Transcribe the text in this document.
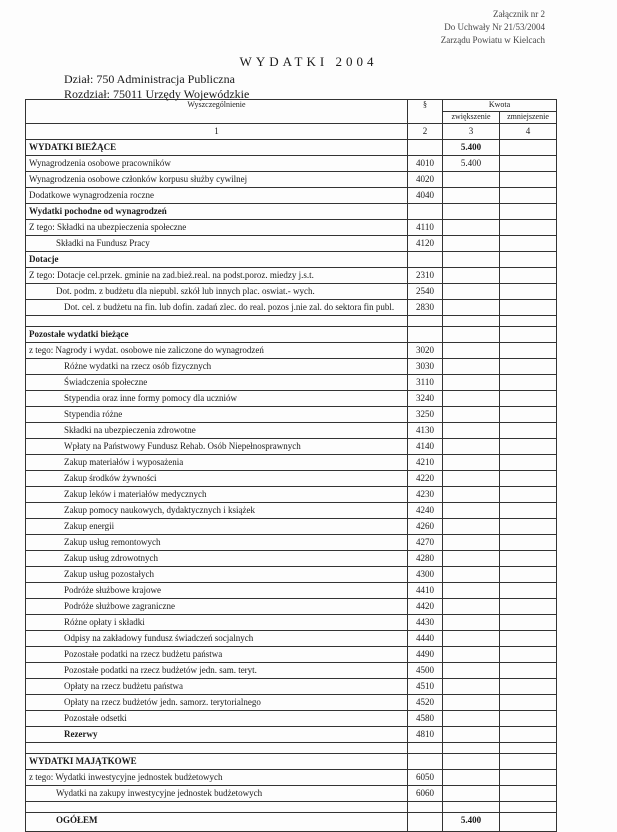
Załącznik nr 2
Do Uchwały Nr 21/53/2004
Zarządu Powiatu w Kielcach
WYDATKI 2004
Dział: 750 Administracja Publiczna
Rozdział: 75011 Urzędy Wojewódzkie
Wyszczególnienie	§	Kwota	
		zwiększenie	zmniejszenie
1	2	3	4
WYDATKI BIEŻĄCE		5.400	
Wynagrodzenia osobowe pracowników	4010	5.400	
Wynagrodzenia osobowe członków korpusu służby cywilnej	4020		
Dodatkowe wynagrodzenia roczne	4040		
Wydatki pochodne od wynagrodzeń			
Z tego: Składki na ubezpieczenia społeczne	4110		
Składki na Fundusz Pracy	4120		
Dotacje			
Z tego: Dotacje cel.przek. gminie na zad.bież.real. na podst.poroz. miedzy j.s.t.	2310		
Dot. podm. z budżetu dla niepubl. szkół lub innych plac. oswiat.- wych.	2540		
Dot. cel. z budżetu na fin. lub dofin. zadań zlec. do real. pozos j.nie zal. do sektora fin publ.	2830		

Pozostałe wydatki bieżące			
z tego: Nagrody i wydat. osobowe nie zaliczone do wynagrodzeń	3020		
Różne wydatki na rzecz osób fizycznych	3030		
Świadczenia społeczne	3110		
Stypendia oraz inne formy pomocy dla uczniów	3240		
Stypendia różne	3250		
Składki na ubezpieczenia zdrowotne	4130		
Wpłaty na Państwowy Fundusz Rehab. Osób Niepełnosprawnych	4140		
Zakup materiałów i wyposażenia	4210		
Zakup środków żywności	4220		
Zakup leków i materiałów medycznych	4230		
Zakup pomocy naukowych, dydaktycznych i książek	4240		
Zakup energii	4260		
Zakup usług remontowych	4270		
Zakup usług zdrowotnych	4280		
Zakup usług pozostałych	4300		
Podróże służbowe krajowe	4410		
Podróże służbowe zagraniczne	4420		
Różne opłaty i składki	4430		
Odpisy na zakładowy fundusz świadczeń socjalnych	4440		
Pozostałe podatki na rzecz budżetu państwa	4490		
Pozostałe podatki na rzecz budżetów jedn. sam. teryt.	4500		
Opłaty na rzecz budżetu państwa	4510		
Opłaty na rzecz budżetów jedn. samorz. terytorialnego	4520		
Pozostałe odsetki	4580		
Rezerwy	4810		

WYDATKI MAJĄTKOWE			
z tego: Wydatki inwestycyjne jednostek budżetowych	6050		
Wydatki na zakupy inwestycyjne jednostek budżetowych	6060		

OGÓŁEM		5.400	
